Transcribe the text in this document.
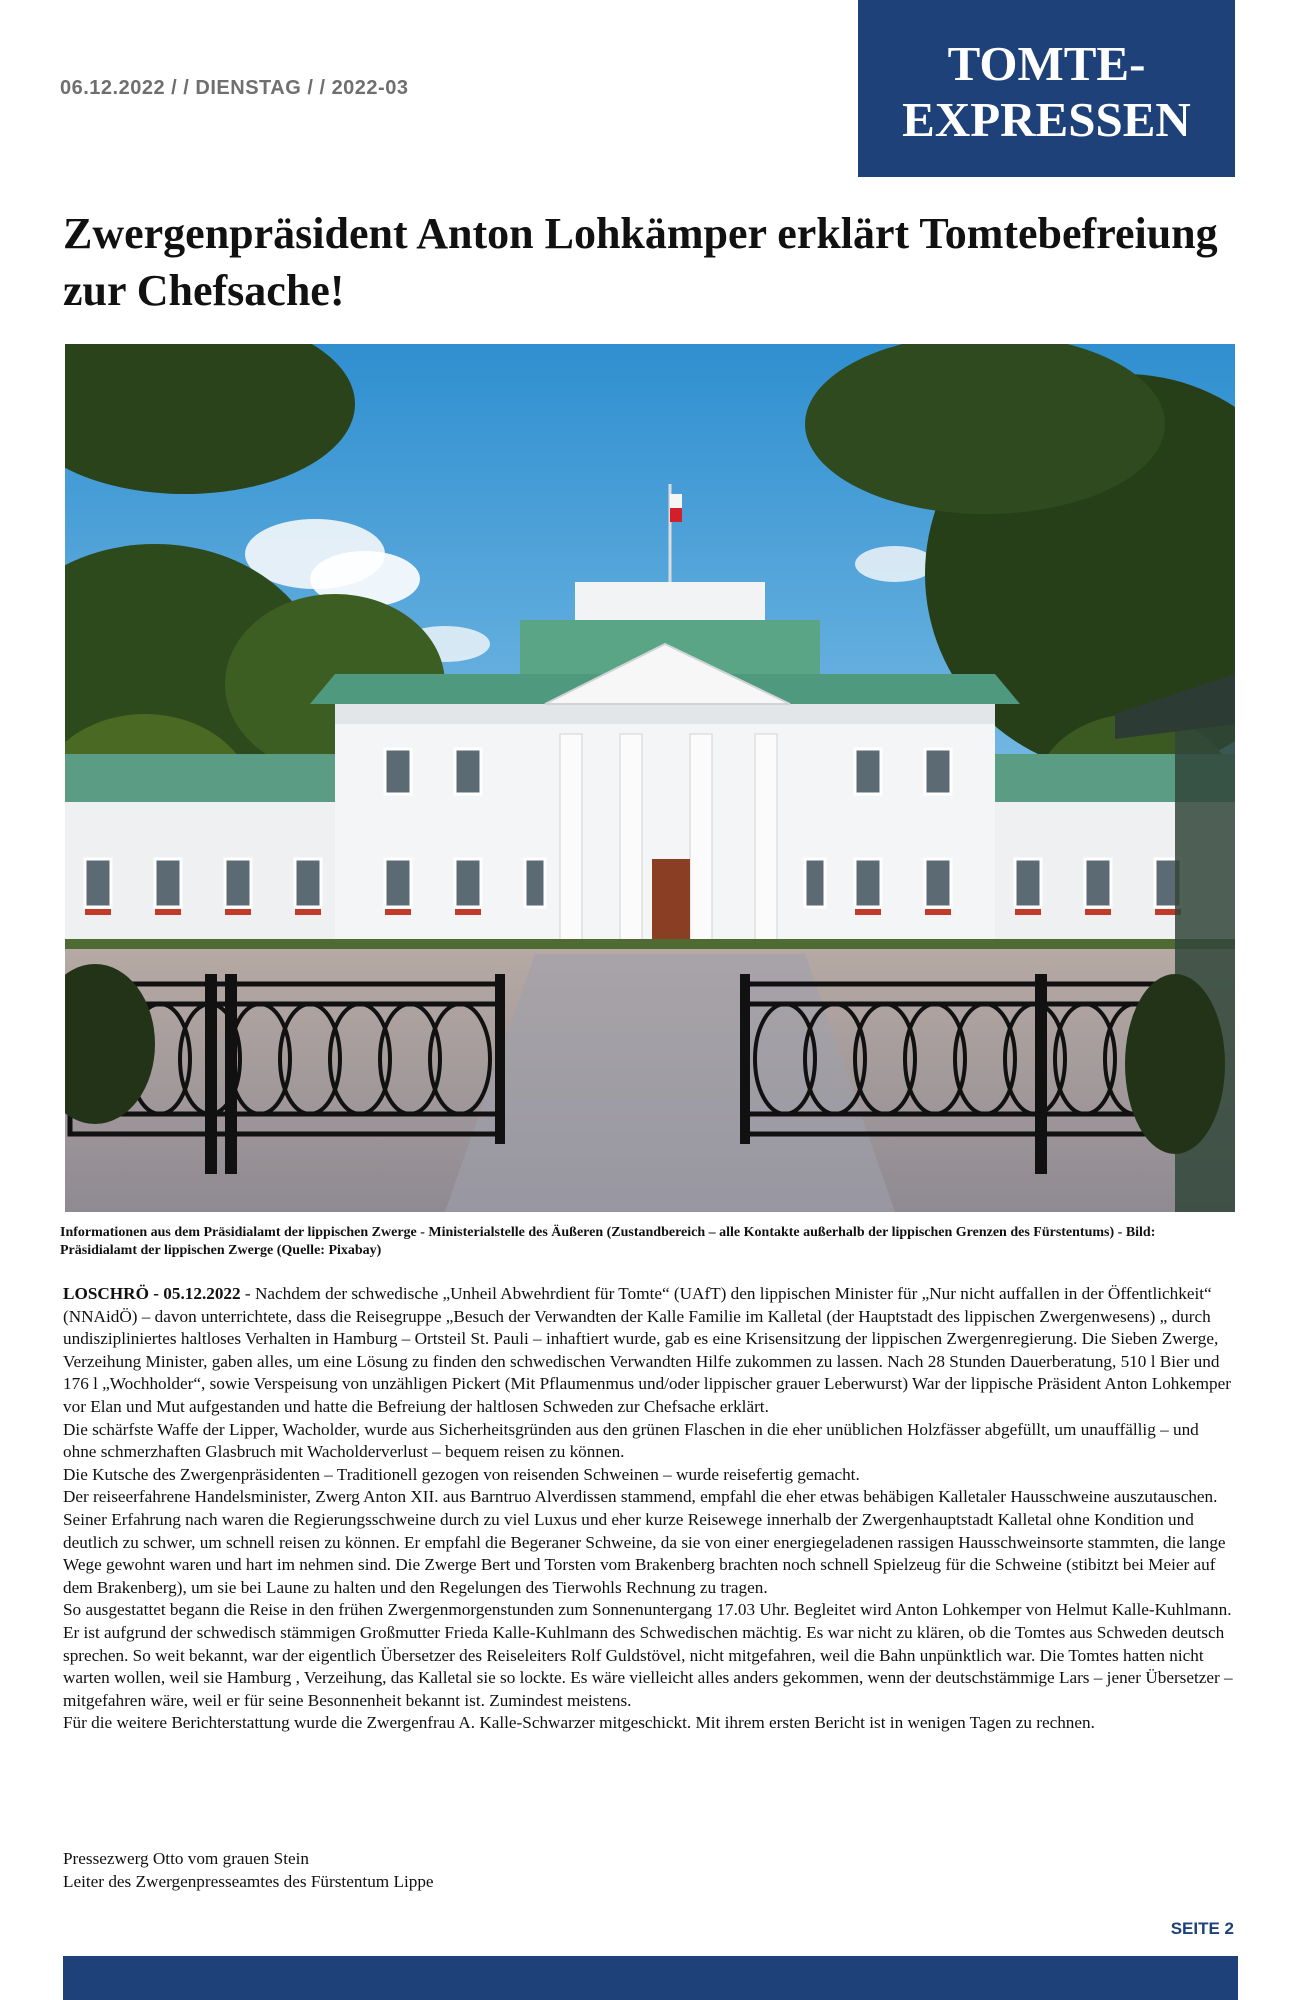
06.12.2022 / / DIENSTAG / / 2022-03	TOMTE-
EXPRESSEN
Zwergenpräsident Anton Lohkämper erklärt Tomtebefreiung zur Chefsache!
Informationen aus dem Präsidialamt der lippischen Zwerge - Ministerialstelle des Äußeren (Zustandbereich – alle Kontakte außerhalb der lippischen Grenzen des Fürstentums) - Bild: Präsidialamt der lippischen Zwerge (Quelle: Pixabay)

LOSCHRÖ - 05.12.2022 - Nachdem der schwedische „Unheil Abwehrdient für Tomte“ (UAfT) den lippischen Minister für „Nur nicht auffallen in der Öffentlichkeit“ (NNAidÖ) – davon unterrichtete, dass die Reisegruppe „Besuch der Verwandten der Kalle Familie im Kalletal (der Hauptstadt des lippischen Zwergenwesens) „ durch undiszipliniertes haltloses Verhalten in Hamburg – Ortsteil St. Pauli – inhaftiert wurde, gab es eine Krisensitzung der lippischen Zwergenregierung. Die Sieben Zwerge, Verzeihung Minister, gaben alles, um eine Lösung zu finden den schwedischen Verwandten Hilfe zukommen zu lassen. Nach 28 Stunden Dauerberatung, 510 l Bier und 176 l „Wochholder“, sowie Verspeisung von unzähligen Pickert (Mit Pflaumenmus und/oder lippischer grauer Leberwurst) War der lippische Präsident Anton Lohkemper vor Elan und Mut aufgestanden und hatte die Befreiung der haltlosen Schweden zur Chefsache erklärt.

Die schärfste Waffe der Lipper, Wacholder, wurde aus Sicherheitsgründen aus den grünen Flaschen in die eher unüblichen Holzfässer abgefüllt, um unauffällig – und ohne schmerzhaften Glasbruch mit Wacholderverlust – bequem reisen zu können.

Die Kutsche des Zwergenpräsidenten – Traditionell gezogen von reisenden Schweinen – wurde reisefertig gemacht.

Der reiseerfahrene Handelsminister, Zwerg Anton XII. aus Barntruo Alverdissen stammend, empfahl die eher etwas behäbigen Kalletaler Hausschweine auszutauschen. Seiner Erfahrung nach waren die Regierungsschweine durch zu viel Luxus und eher kurze Reisewege innerhalb der Zwergenhauptstadt Kalletal ohne Kondition und deutlich zu schwer, um schnell reisen zu können. Er empfahl die Begeraner Schweine, da sie von einer energiegeladenen rassigen Hausschweinsorte stammten, die lange Wege gewohnt waren und hart im nehmen sind. Die Zwerge Bert und Torsten vom Brakenberg brachten noch schnell Spielzeug für die Schweine (stibitzt bei Meier auf dem Brakenberg), um sie bei Laune zu halten und den Regelungen des Tierwohls Rechnung zu tragen.

So ausgestattet begann die Reise in den frühen Zwergenmorgenstunden zum Sonnenuntergang 17.03 Uhr. Begleitet wird Anton Lohkemper von Helmut Kalle-Kuhlmann. Er ist aufgrund der schwedisch stämmigen Großmutter Frieda Kalle-Kuhlmann des Schwedischen mächtig. Es war nicht zu klären, ob die Tomtes aus Schweden deutsch sprechen. So weit bekannt, war der eigentlich Übersetzer des Reiseleiters Rolf Guldstövel, nicht mitgefahren, weil die Bahn unpünktlich war. Die Tomtes hatten nicht warten wollen, weil sie Hamburg , Verzeihung, das Kalletal sie so lockte. Es wäre vielleicht alles anders gekommen, wenn der deutschstämmige Lars – jener Übersetzer – mitgefahren wäre, weil er für seine Besonnenheit bekannt ist. Zumindest meistens.

Für die weitere Berichterstattung wurde die Zwergenfrau A. Kalle-Schwarzer mitgeschickt. Mit ihrem ersten Bericht ist in wenigen Tagen zu rechnen.

Pressezwerg Otto vom grauen Stein
Leiter des Zwergenpresseamtes des Fürstentum Lippe
SEITE 2
